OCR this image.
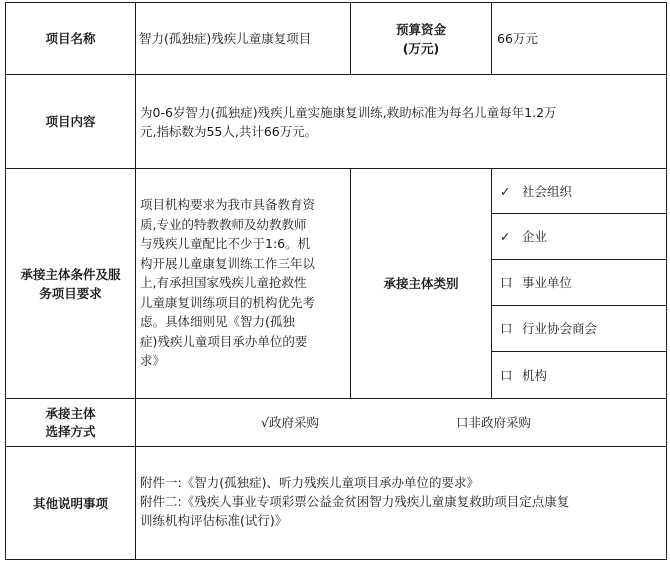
项目名称	智力(孤独症)残疾儿童康复项目
预算资金
(万元)
66万元
项目内容
为0-6岁智力(孤独症)残疾儿童实施康复训练,救助标准为每名儿童每年1.2万
元,指标数为55人,共计66万元。
承接主体条件及服
务项目要求
项目机构要求为我市具备教育资
质,专业的特教教师及幼教教师
与残疾儿童配比不少于1:6。机
构开展儿童康复训练工作三年以
上,有承担国家残疾儿童抢救性
儿童康复训练项目的机构优先考
虑。具体细则见《智力(孤独
症)残疾儿童项目承办单位的要
求》
承接主体类别
✓ 社会组织
✓ 企业
口 事业单位
口 行业协会商会
口 机构
承接主体
选择方式
√政府采购	口非政府采购
其他说明事项
附件一:《智力(孤独症)、听力残疾儿童项目承办单位的要求》
附件二:《残疾人事业专项彩票公益金贫困智力残疾儿童康复救助项目定点康复
训练机构评估标准(试行)》
